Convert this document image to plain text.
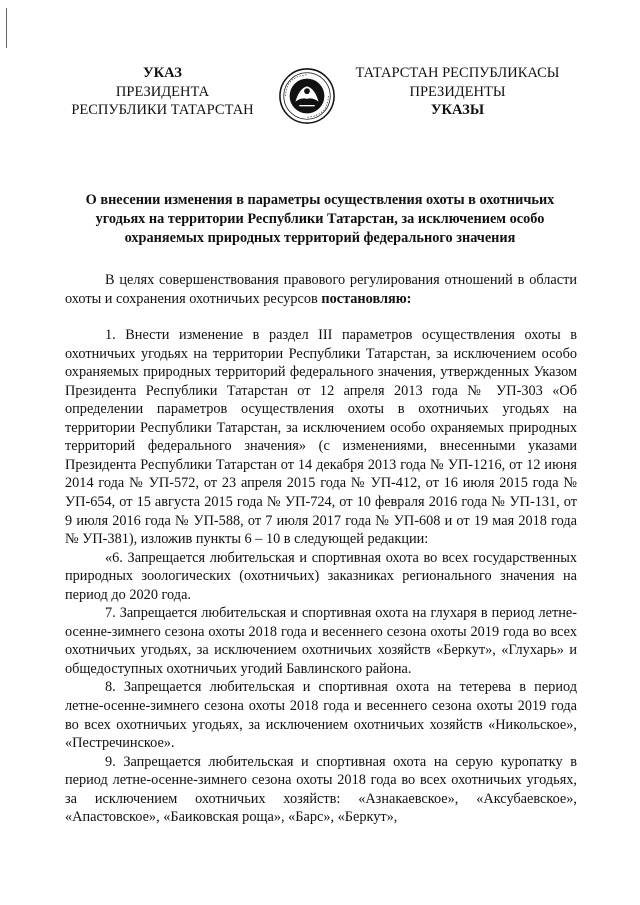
УКАЗ
ПРЕЗИДЕНТА
РЕСПУБЛИКИ ТАТАРСТАН
ТАТАРСТАН РЕСПУБЛИКАСЫ
ПРЕЗИДЕНТЫ
УКАЗЫ
О внесении изменения в параметры осуществления охоты в охотничьих угодьях на территории Республики Татарстан, за исключением особо охраняемых природных территорий федерального значения

В целях совершенствования правового регулирования отношений в области охоты и сохранения охотничьих ресурсов постановляю:

1. Внести изменение в раздел III параметров осуществления охоты в охотничьих угодьях на территории Республики Татарстан, за исключением особо охраняемых природных территорий федерального значения, утвержденных Указом Президента Республики Татарстан от 12 апреля 2013 года № УП-303 «Об определении параметров осуществления охоты в охотничьих угодьях на территории Республики Татарстан, за исключением особо охраняемых природных территорий федерального значения» (с изменениями, внесенными указами Президента Республики Татарстан от 14 декабря 2013 года № УП-1216, от 12 июня 2014 года № УП-572, от 23 апреля 2015 года № УП-412, от 16 июля 2015 года № УП-654, от 15 августа 2015 года № УП-724, от 10 февраля 2016 года № УП-131, от 9 июля 2016 года № УП-588, от 7 июля 2017 года № УП-608 и от 19 мая 2018 года № УП-381), изложив пункты 6 – 10 в следующей редакции:

«6. Запрещается любительская и спортивная охота во всех государственных природных зоологических (охотничьих) заказниках регионального значения на период до 2020 года.

7. Запрещается любительская и спортивная охота на глухаря в период летне-осенне-зимнего сезона охоты 2018 года и весеннего сезона охоты 2019 года во всех охотничьих угодьях, за исключением охотничьих хозяйств «Беркут», «Глухарь» и общедоступных охотничьих угодий Бавлинского района.

8. Запрещается любительская и спортивная охота на тетерева в период летне-осенне-зимнего сезона охоты 2018 года и весеннего сезона охоты 2019 года во всех охотничьих угодьях, за исключением охотничьих хозяйств «Никольское», «Пестречинское».

9. Запрещается любительская и спортивная охота на серую куропатку в период летне-осенне-зимнего сезона охоты 2018 года во всех охотничьих угодьях, за исключением охотничьих хозяйств: «Азнакаевское», «Аксубаевское», «Апастовское», «Баиковская роща», «Барс», «Беркут»,
